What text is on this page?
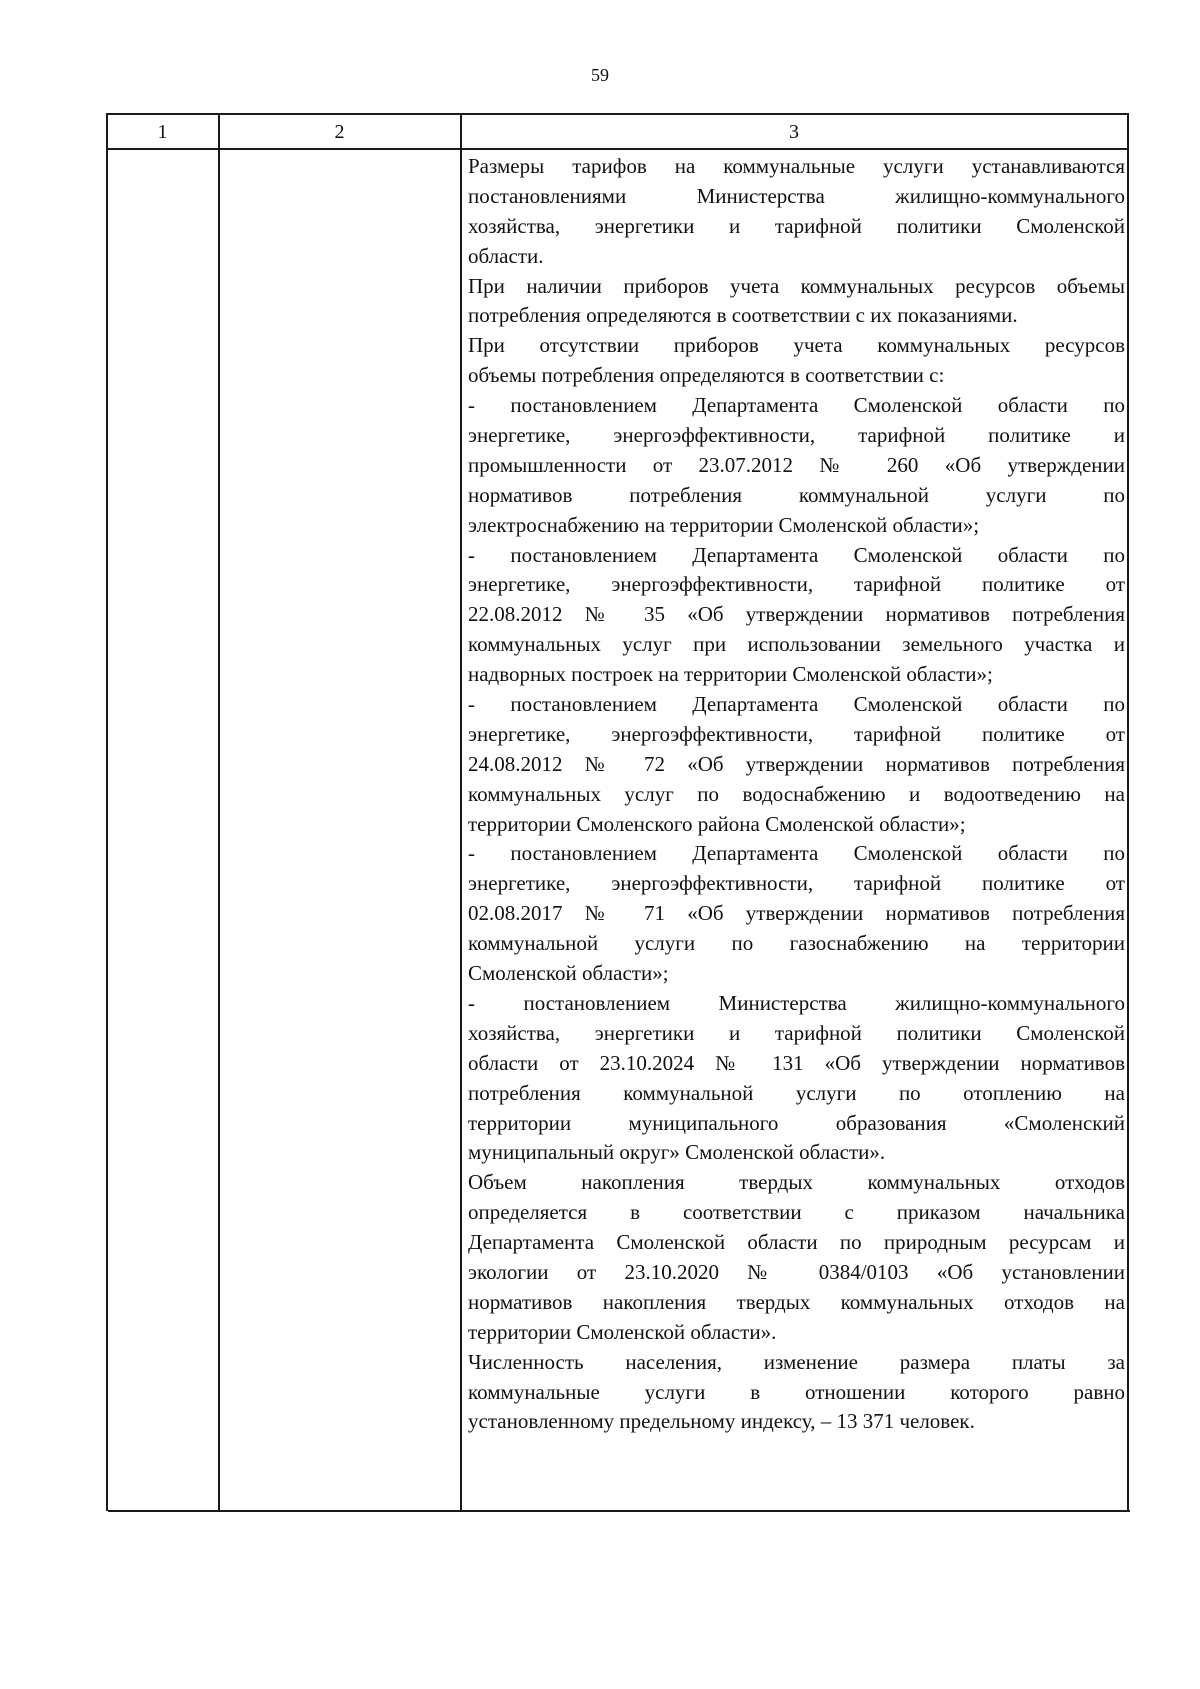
59
1	2	3
Размеры тарифов на коммунальные услуги устанавливаются
постановлениями Министерства жилищно-коммунального
хозяйства, энергетики и тарифной политики Смоленской
области.
При наличии приборов учета коммунальных ресурсов объемы
потребления определяются в соответствии с их показаниями.
При отсутствии приборов учета коммунальных ресурсов
объемы потребления определяются в соответствии с:
- постановлением Департамента Смоленской области по
энергетике, энергоэффективности, тарифной политике и
промышленности от 23.07.2012 № 260 «Об утверждении
нормативов потребления коммунальной услуги по
электроснабжению на территории Смоленской области»;
- постановлением Департамента Смоленской области по
энергетике, энергоэффективности, тарифной политике от
22.08.2012 № 35 «Об утверждении нормативов потребления
коммунальных услуг при использовании земельного участка и
надворных построек на территории Смоленской области»;
- постановлением Департамента Смоленской области по
энергетике, энергоэффективности, тарифной политике от
24.08.2012 № 72 «Об утверждении нормативов потребления
коммунальных услуг по водоснабжению и водоотведению на
территории Смоленского района Смоленской области»;
- постановлением Департамента Смоленской области по
энергетике, энергоэффективности, тарифной политике от
02.08.2017 № 71 «Об утверждении нормативов потребления
коммунальной услуги по газоснабжению на территории
Смоленской области»;
- постановлением Министерства жилищно-коммунального
хозяйства, энергетики и тарифной политики Смоленской
области от 23.10.2024 № 131 «Об утверждении нормативов
потребления коммунальной услуги по отоплению на
территории муниципального образования «Смоленский
муниципальный округ» Смоленской области».
Объем накопления твердых коммунальных отходов
определяется в соответствии с приказом начальника
Департамента Смоленской области по природным ресурсам и
экологии от 23.10.2020 № 0384/0103 «Об установлении
нормативов накопления твердых коммунальных отходов на
территории Смоленской области».
Численность населения, изменение размера платы за
коммунальные услуги в отношении которого равно
установленному предельному индексу, – 13 371 человек.
